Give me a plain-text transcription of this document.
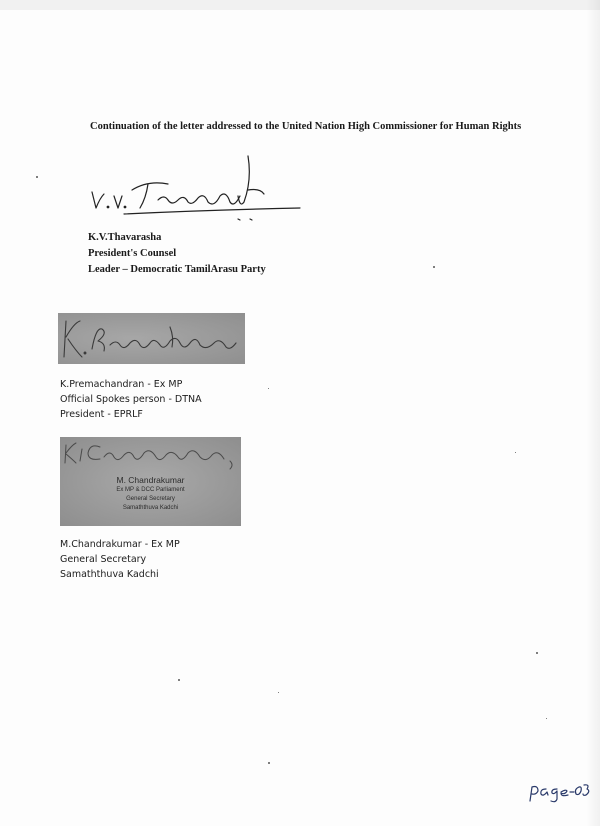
Continuation of the letter addressed to the United Nation High Commissioner for Human Rights
K.V.Thavarasha
President's Counsel
Leader – Democratic TamilArasu Party
K.Premachandran - Ex MP
Official Spokes person - DTNA
President - EPRLF
M. Chandrakumar
Ex MP & DCC Parliament
General Secretary
Samaththuva Kadchi
M.Chandrakumar - Ex MP
General Secretary
Samaththuva Kadchi
